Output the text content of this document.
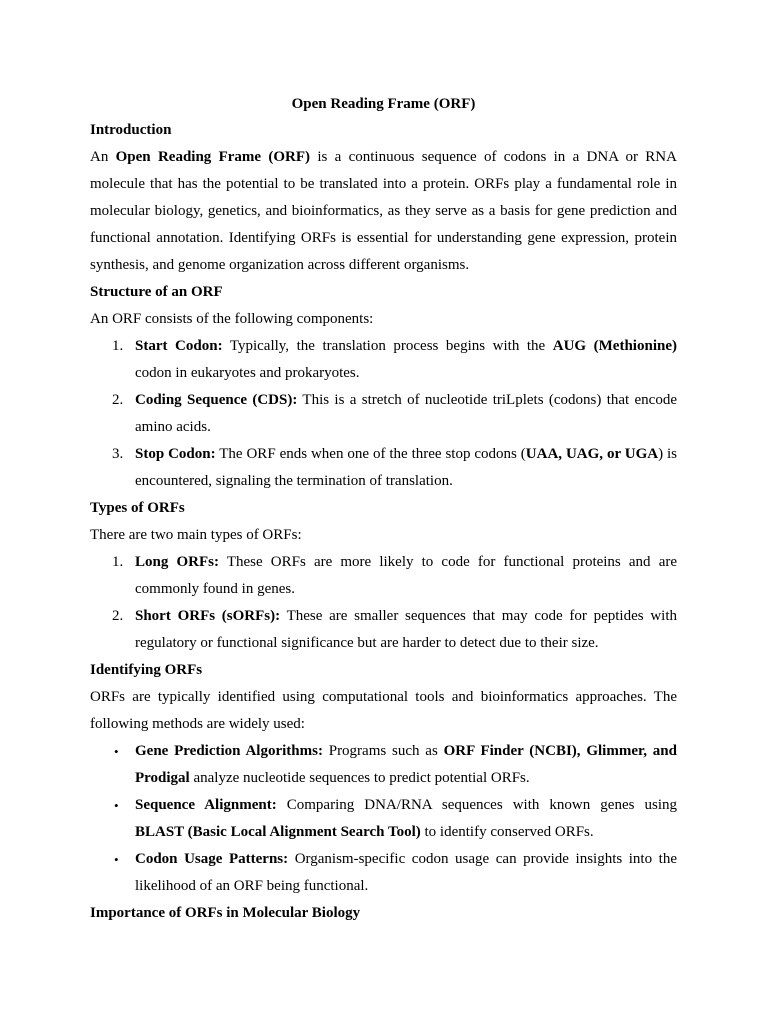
Open Reading Frame (ORF)

Introduction

An Open Reading Frame (ORF) is a continuous sequence of codons in a DNA or RNA molecule that has the potential to be translated into a protein. ORFs play a fundamental role in molecular biology, genetics, and bioinformatics, as they serve as a basis for gene prediction and functional annotation. Identifying ORFs is essential for understanding gene expression, protein synthesis, and genome organization across different organisms.

Structure of an ORF

An ORF consists of the following components:

1. Start Codon: Typically, the translation process begins with the AUG (Methionine) codon in eukaryotes and prokaryotes.
2. Coding Sequence (CDS): This is a stretch of nucleotide triLplets (codons) that encode amino acids.
3. Stop Codon: The ORF ends when one of the three stop codons (UAA, UAG, or UGA) is encountered, signaling the termination of translation.

Types of ORFs

There are two main types of ORFs:

1. Long ORFs: These ORFs are more likely to code for functional proteins and are commonly found in genes.
2. Short ORFs (sORFs): These are smaller sequences that may code for peptides with regulatory or functional significance but are harder to detect due to their size.

Identifying ORFs

ORFs are typically identified using computational tools and bioinformatics approaches. The following methods are widely used:

• Gene Prediction Algorithms: Programs such as ORF Finder (NCBI), Glimmer, and Prodigal analyze nucleotide sequences to predict potential ORFs.
• Sequence Alignment: Comparing DNA/RNA sequences with known genes using BLAST (Basic Local Alignment Search Tool) to identify conserved ORFs.
• Codon Usage Patterns: Organism-specific codon usage can provide insights into the likelihood of an ORF being functional.

Importance of ORFs in Molecular Biology
